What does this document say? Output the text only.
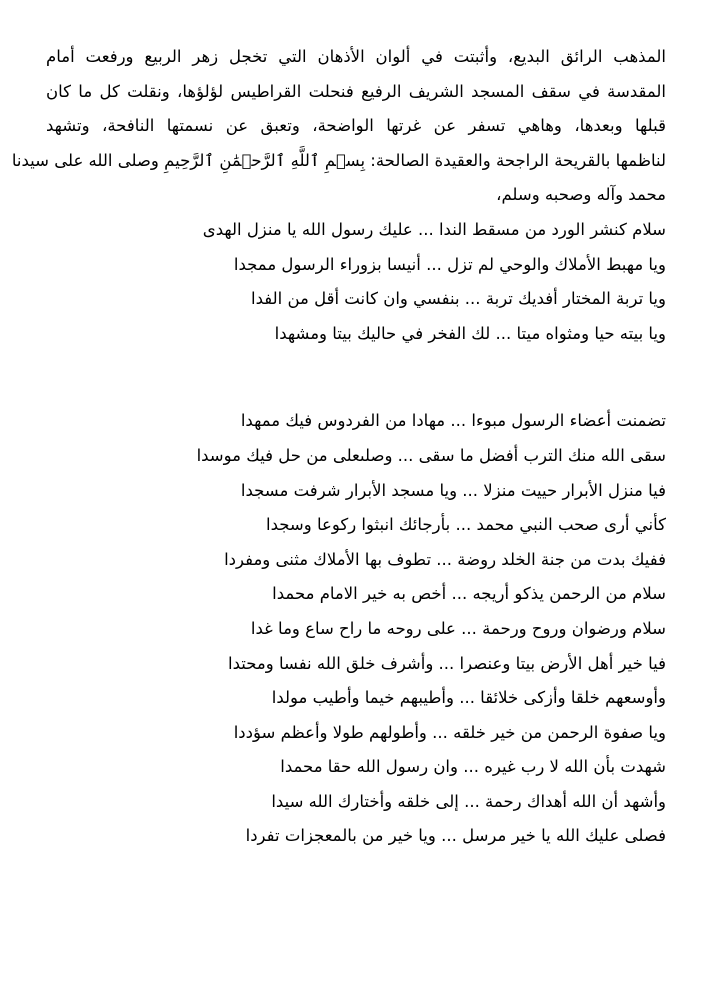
المذهب الرائق البديع، وأثبتت في ألوان الأذهان التي تخجل زهر الربيع ورفعت أمام
المقدسة في سقف المسجد الشريف الرفيع فنحلت القراطيس لؤلؤها، ونقلت كل ما كان
قبلها وبعدها، وهاهي تسفر عن غرتها الواضحة، وتعبق عن نسمتها النافحة، وتشهد
لناظمها بالقريحة الراجحة والعقيدة الصالحة: بِسۡمِ ٱللَّهِ ٱلرَّحۡمَٰنِ ٱلرَّحِيمِ وصلى الله على سيدنا
محمد وآله وصحبه وسلم،
سلام كنشر الورد من مسقط الندا ... عليك رسول الله يا منزل الهدى
ويا مهبط الأملاك والوحي لم تزل ... أنيسا بزوراء الرسول ممجدا
ويا تربة المختار أفديك تربة ... بنفسي وان كانت أقل من الفدا
ويا بيته حيا ومثواه ميتا ... لك الفخر في حاليك بيتا ومشهدا
تضمنت أعضاء الرسول مبوءا ... مهادا من الفردوس فيك ممهدا
سقى الله منك الترب أفضل ما سقى ... وصلىعلى من حل فيك موسدا
فيا منزل الأبرار حييت منزلا ... ويا مسجد الأبرار شرفت مسجدا
كأني أرى صحب النبي محمد ... بأرجائك انبثوا ركوعا وسجدا
ففيك بدت من جنة الخلد روضة ... تطوف بها الأملاك مثنى ومفردا
سلام من الرحمن يذكو أريجه ... أخص به خير الامام محمدا
سلام ورضوان وروح ورحمة ... على روحه ما راح ساع وما غدا
فيا خير أهل الأرض بيتا وعنصرا ... وأشرف خلق الله نفسا ومحتدا
وأوسعهم خلقا وأزكى خلائقا ... وأطيبهم خيما وأطيب مولدا
ويا صفوة الرحمن من خير خلقه ... وأطولهم طولا وأعظم سؤددا
شهدت بأن الله لا رب غيره ... وان رسول الله حقا محمدا
وأشهد أن الله أهداك رحمة ... إلى خلقه وأختارك الله سيدا
فصلى عليك الله يا خير مرسل ... ويا خير من بالمعجزات تفردا
